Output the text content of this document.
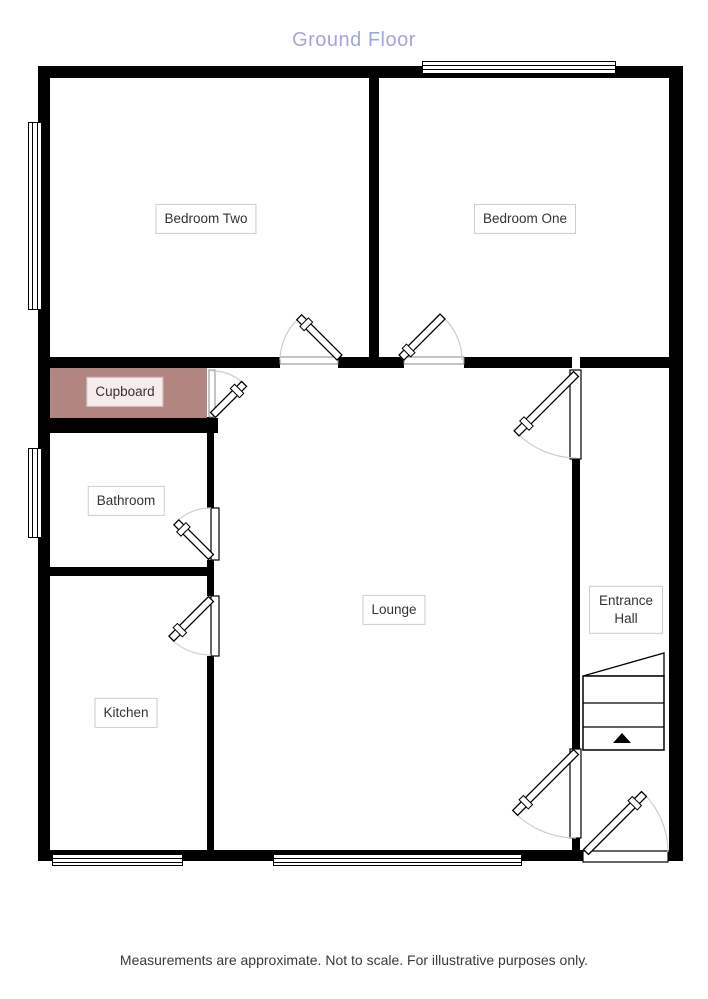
Ground Floor
Bedroom Two	Bedroom One
Cupboard
Bathroom
Lounge
Entrance Hall
Kitchen
Measurements are approximate. Not to scale. For illustrative purposes only.
